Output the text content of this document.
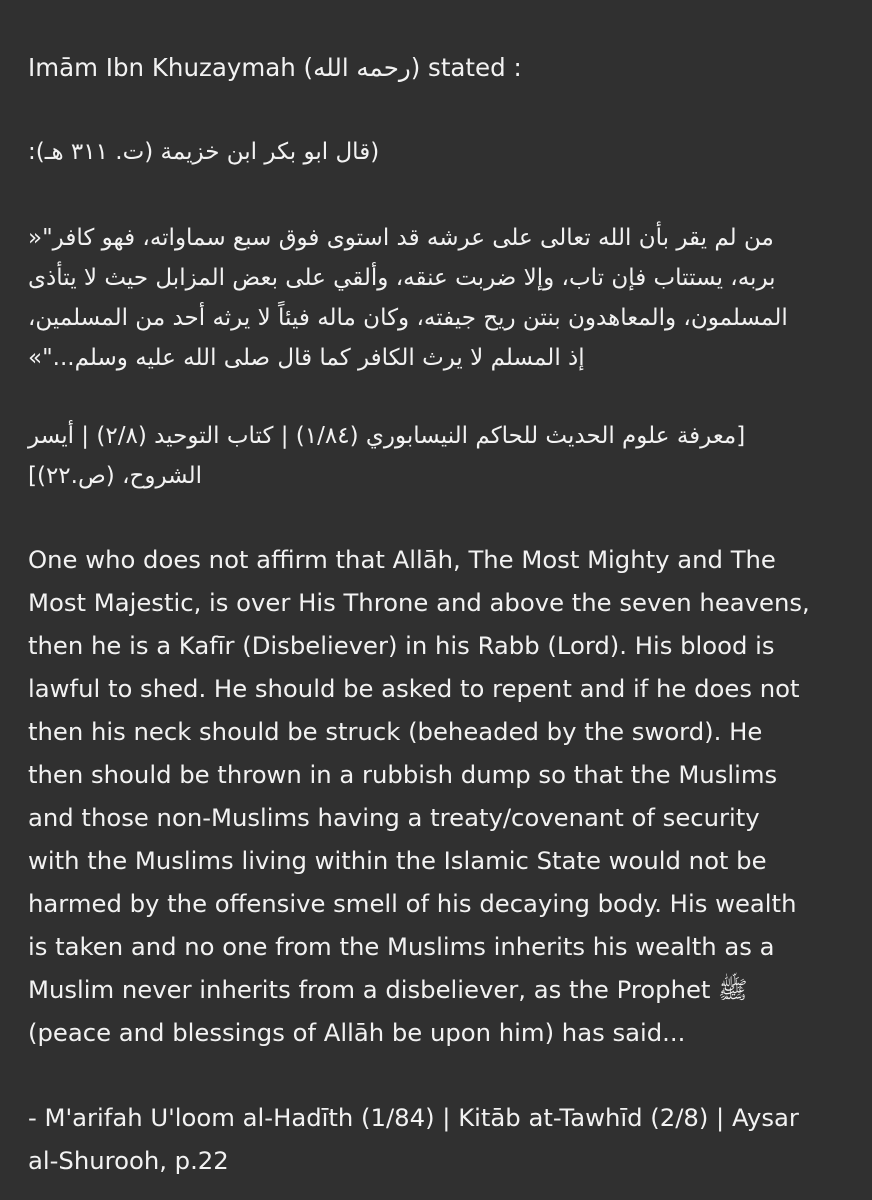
Imām Ibn Khuzaymah (رحمه الله) stated :
(قال ابو بكر ابن خزيمة (ت. ٣١١ هـ):
من لم يقر بأن الله تعالى على عرشه قد استوى فوق سبع سماواته، فهو كافر"«
بربه، يستتاب فإن تاب، وإلا ضربت عنقه، وألقي على بعض المزابل حيث لا يتأذى
المسلمون، والمعاهدون بنتن ريح جيفته، وكان ماله فيئاً لا يرثه أحد من المسلمين،
إذ المسلم لا يرث الكافر كما قال صلى الله عليه وسلم..."»
[معرفة علوم الحديث للحاكم النيسابوري (١/٨٤) | كتاب التوحيد (٢/٨) | أيسر
الشروح، (ص.٢٢)]
One who does not affirm that Allāh, The Most Mighty and The
Most Majestic, is over His Throne and above the seven heavens,
then he is a Kafīr (Disbeliever) in his Rabb (Lord). His blood is
lawful to shed. He should be asked to repent and if he does not
then his neck should be struck (beheaded by the sword). He
then should be thrown in a rubbish dump so that the Muslims
and those non-Muslims having a treaty/covenant of security
with the Muslims living within the Islamic State would not be
harmed by the offensive smell of his decaying body. His wealth
is taken and no one from the Muslims inherits his wealth as a
Muslim never inherits from a disbeliever, as the Prophet ﷺ
(peace and blessings of Allāh be upon him) has said...
- M'arifah U'loom al-Hadīth (1/84) | Kitāb at-Tawhīd (2/8) | Aysar
al-Shurooh, p.22
